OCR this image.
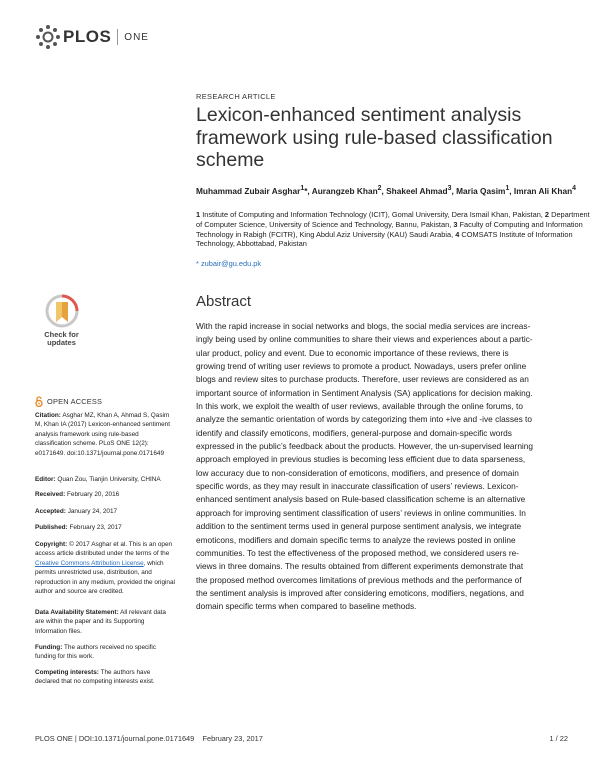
PLOS ONE
RESEARCH ARTICLE
Lexicon-enhanced sentiment analysis framework using rule-based classification scheme
Muhammad Zubair Asghar$^1$*, Aurangzeb Khan$^2$, Shakeel Ahmad$^3$, Maria Qasim$^1$, Imran Ali Khan$^4$
1 Institute of Computing and Information Technology (ICIT), Gomal University, Dera Ismail Khan, Pakistan, 2 Department of Computer Science, University of Science and Technology, Bannu, Pakistan, 3 Faculty of Computing and Information Technology in Rabigh (FCITR), King Abdul Aziz University (KAU) Saudi Arabia, 4 COMSATS Institute of Information Technology, Abbottabad, Pakistan
* zubair@gu.edu.pk
Abstract
With the rapid increase in social networks and blogs, the social media services are increas-
ingly being used by online communities to share their views and experiences about a partic-
ular product, policy and event. Due to economic importance of these reviews, there is
growing trend of writing user reviews to promote a product. Nowadays, users prefer online
blogs and review sites to purchase products. Therefore, user reviews are considered as an
important source of information in Sentiment Analysis (SA) applications for decision making.
In this work, we exploit the wealth of user reviews, available through the online forums, to
analyze the semantic orientation of words by categorizing them into +ive and -ive classes to
identify and classify emoticons, modifiers, general-purpose and domain-specific words
expressed in the public’s feedback about the products. However, the un-supervised learning
approach employed in previous studies is becoming less efficient due to data sparseness,
low accuracy due to non-consideration of emoticons, modifiers, and presence of domain
specific words, as they may result in inaccurate classification of users’ reviews. Lexicon-
enhanced sentiment analysis based on Rule-based classification scheme is an alternative
approach for improving sentiment classification of users’ reviews in online communities. In
addition to the sentiment terms used in general purpose sentiment analysis, we integrate
emoticons, modifiers and domain specific terms to analyze the reviews posted in online
communities. To test the effectiveness of the proposed method, we considered users re-
views in three domains. The results obtained from different experiments demonstrate that
the proposed method overcomes limitations of previous methods and the performance of
the sentiment analysis is improved after considering emoticons, modifiers, negations, and
domain specific terms when compared to baseline methods.
Check for
updates
OPEN ACCESS
Citation: Asghar MZ, Khan A, Ahmad S, Qasim M, Khan IA (2017) Lexicon-enhanced sentiment analysis framework using rule-based classification scheme. PLoS ONE 12(2): e0171649. doi:10.1371/journal.pone.0171649
Editor: Quan Zou, Tianjin University, CHINA
Received: February 20, 2016
Accepted: January 24, 2017
Published: February 23, 2017
Copyright: © 2017 Asghar et al. This is an open access article distributed under the terms of the Creative Commons Attribution License, which permits unrestricted use, distribution, and reproduction in any medium, provided the original author and source are credited.
Data Availability Statement: All relevant data are within the paper and its Supporting Information files.
Funding: The authors received no specific funding for this work.
Competing interests: The authors have declared that no competing interests exist.
PLOS ONE | DOI:10.1371/journal.pone.0171649    February 23, 2017	1 / 22
